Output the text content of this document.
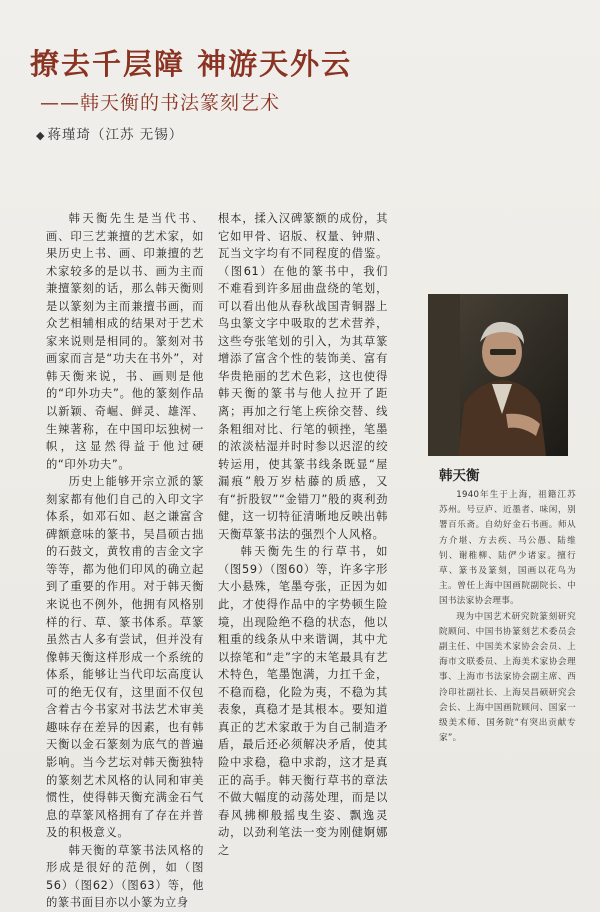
撩去千层障 神游天外云
——韩天衡的书法篆刻艺术
◆ 蒋瑾琦（江苏 无锡）

韩天衡先生是当代书、画、印三艺兼擅的艺术家，如果历史上书、画、印兼擅的艺术家较多的是以书、画为主而兼擅篆刻的话，那么韩天衡则是以篆刻为主而兼擅书画，而众艺相辅相成的结果对于艺术家来说则是相同的。篆刻对书画家而言是“功夫在书外”，对韩天衡来说，书、画则是他的“印外功夫”。他的篆刻作品以新颖、奇崛、鲜灵、雄浑、生辣著称，在中国印坛独树一帜，这显然得益于他过硬的“印外功夫”。

历史上能够开宗立派的篆刻家都有他们自己的入印文字体系，如邓石如、赵之谦富含碑额意味的篆书，吴昌硕古拙的石鼓文，黄牧甫的吉金文字等等，都为他们印风的确立起到了重要的作用。对于韩天衡来说也不例外，他拥有风格别样的行、草、篆书体系。草篆虽然古人多有尝试，但并没有像韩天衡这样形成一个系统的体系，能够让当代印坛高度认可的绝无仅有，这里面不仅包含着古今书家对书法艺术审美趣味存在差异的因素，也有韩天衡以金石篆刻为底气的普遍影响。当今艺坛对韩天衡独特的篆刻艺术风格的认同和审美惯性，使得韩天衡充满金石气息的草篆风格拥有了存在并普及的积极意义。

韩天衡的草篆书法风格的形成是很好的范例，如（图56）（图62）（图63）等，他的篆书面目亦以小篆为立身

根本，揉入汉碑篆额的成份，其它如甲骨、诏版、权量、钟鼎、瓦当文字均有不同程度的借鉴。（图61）在他的篆书中，我们不难看到许多屈曲盘绕的笔划，可以看出他从春秋战国青铜器上鸟虫篆文字中吸取的艺术营养，这些夸张笔划的引入，为其草篆增添了富含个性的装饰美、富有华贵艳丽的艺术色彩，这也使得韩天衡的篆书与他人拉开了距离；再加之行笔上疾徐交替、线条粗细对比、行笔的顿挫，笔墨的浓淡枯湿并时时参以迟涩的绞转运用，使其篆书线条既显“屋漏痕”般万岁枯藤的质感，又有“折股钗”“金错刀”般的爽利劲健，这一切特征清晰地反映出韩天衡草篆书法的强烈个人风格。

韩天衡先生的行草书，如（图59）（图60）等，许多字形大小悬殊，笔墨夸张，正因为如此，才使得作品中的字势顿生险境，出现险绝不稳的状态，他以粗重的线条从中来谐调，其中尤以捺笔和“走”字的末笔最具有艺术特色，笔墨饱满，力扛千金，不稳而稳，化险为夷，不稳为其表象，真稳才是其根本。要知道真正的艺术家敢于为自己制造矛盾，最后还必须解决矛盾，使其险中求稳，稳中求韵，这才是真正的高手。韩天衡行草书的章法不做大幅度的动荡处理，而是以春风拂柳般摇曳生姿、飘逸灵动，以劲利笔法一变为刚健婀娜之

韩天衡

1940年生于上海，祖籍江苏苏州。号豆庐、近墨者、味闲，别署百乐斋。自幼好金石书画。师从方介堪、方去疾、马公愚、陆维钊、谢稚柳、陆俨少诸家。擅行草、篆书及篆刻，国画以花鸟为主。曾任上海中国画院副院长、中国书法家协会理事。

现为中国艺术研究院篆刻研究院顾问、中国书协篆刻艺术委员会副主任、中国美术家协会会员、上海市文联委员、上海美术家协会理事、上海市书法家协会副主席、西泠印社副社长、上海吴昌硕研究会会长、上海中国画院顾问、国家一级美术师、国务院“有突出贡献专家”。
